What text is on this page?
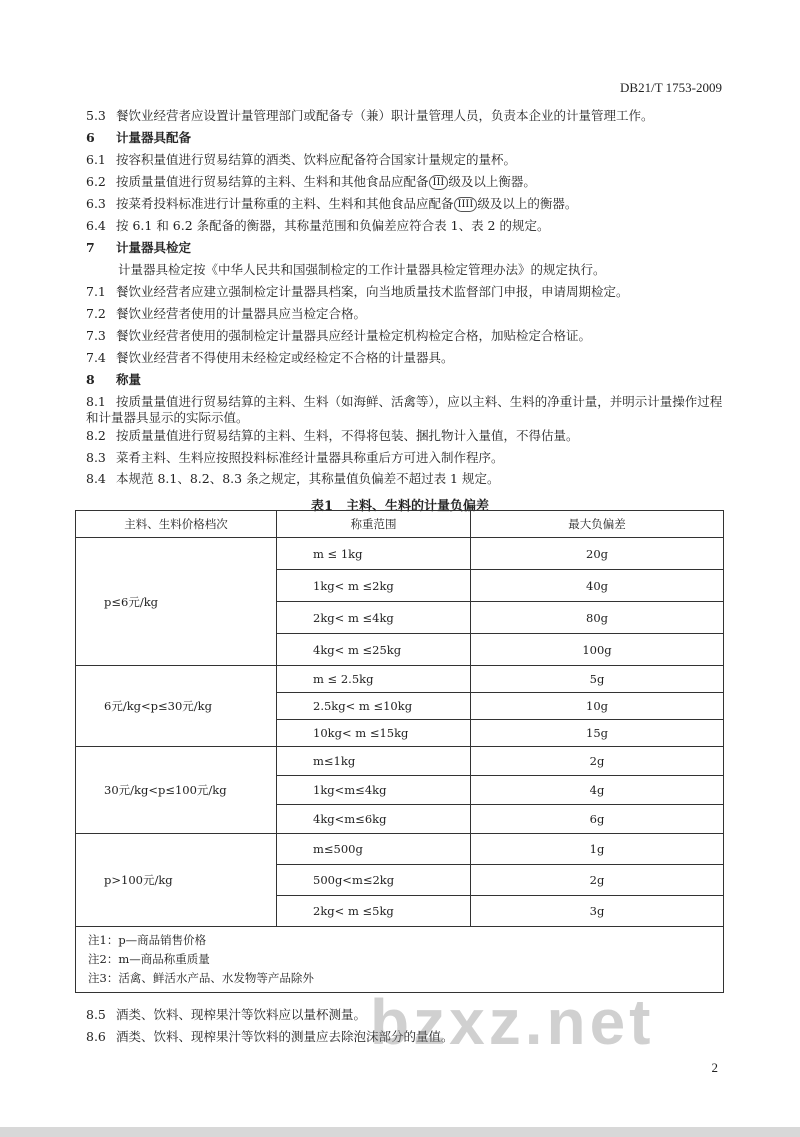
DB21/T 1753-2009
5.3 餐饮业经营者应设置计量管理部门或配备专（兼）职计量管理人员，负责本企业的计量管理工作。
6 计量器具配备
6.1 按容积量值进行贸易结算的酒类、饮料应配备符合国家计量规定的量杯。
6.2 按质量量值进行贸易结算的主料、生料和其他食品应配备 III 级及以上衡器。
6.3 按菜肴投料标准进行计量称重的主料、生料和其他食品应配备 IIII 级及以上的衡器。
6.4 按 6.1 和 6.2 条配备的衡器，其称量范围和负偏差应符合表 1、表 2 的规定。
7 计量器具检定
计量器具检定按《中华人民共和国强制检定的工作计量器具检定管理办法》的规定执行。
7.1 餐饮业经营者应建立强制检定计量器具档案，向当地质量技术监督部门申报，申请周期检定。
7.2 餐饮业经营者使用的计量器具应当检定合格。
7.3 餐饮业经营者使用的强制检定计量器具应经计量检定机构检定合格，加贴检定合格证。
7.4 餐饮业经营者不得使用未经检定或经检定不合格的计量器具。
8 称量
8.1 按质量量值进行贸易结算的主料、生料（如海鲜、活禽等），应以主料、生料的净重计量，并明示计量操作过程
和计量器具显示的实际示值。
8.2 按质量量值进行贸易结算的主料、生料，不得将包装、捆扎物计入量值，不得估量。
8.3 菜肴主料、生料应按照投料标准经计量器具称重后方可进入制作程序。
8.4 本规范 8.1、8.2、8.3 条之规定，其称量值负偏差不超过表 1 规定。
表1　主料、生料的计量负偏差
主料、生料价格档次	称重范围	最大负偏差
p≤6元/kg	m ≤ 1kg	20g
	1kg< m ≤2kg	40g
	2kg< m ≤4kg	80g
	4kg< m ≤25kg	100g
6元/kg<p≤30元/kg	m ≤ 2.5kg	5g
	2.5kg< m ≤10kg	10g
	10kg< m ≤15kg	15g
30元/kg<p≤100元/kg	m≤1kg	2g
	1kg<m≤4kg	4g
	4kg<m≤6kg	6g
p>100元/kg	m≤500g	1g
	500g<m≤2kg	2g
	2kg< m ≤5kg	3g

注1：p—商品销售价格
注2：m—商品称重质量
注3：活禽、鲜活水产品、水发物等产品除外		
8.5 酒类、饮料、现榨果汁等饮料应以量杯测量。
8.6 酒类、饮料、现榨果汁等饮料的测量应去除泡沫部分的量值。
bzxz.net
2
